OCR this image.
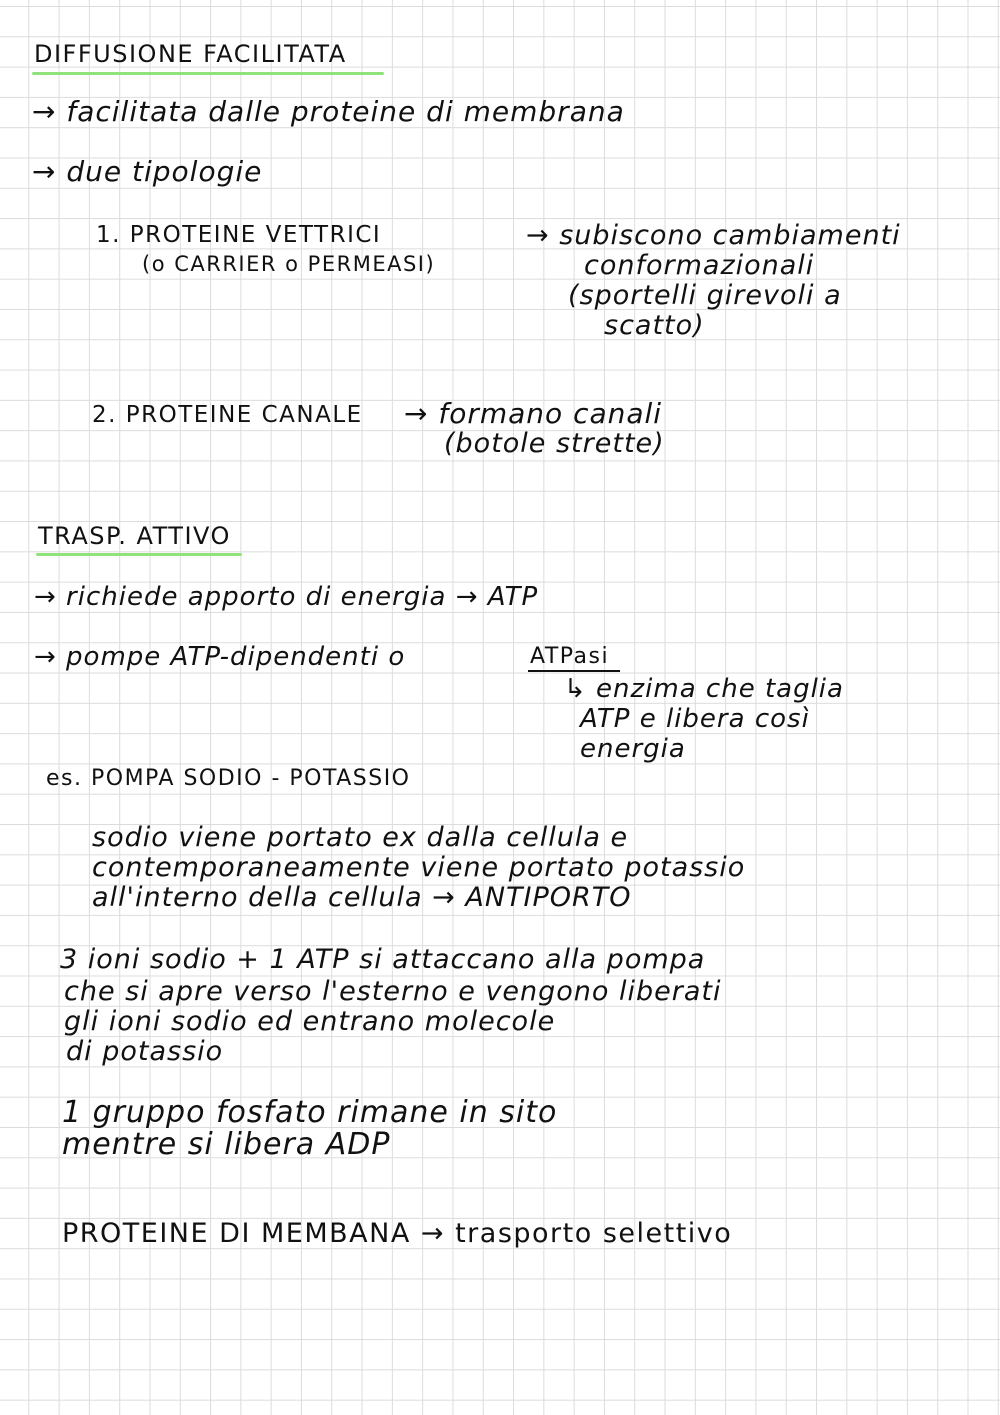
DIFFUSIONE FACILITATA
→ facilitata dalle proteine di membrana
→ due tipologie
1. PROTEINE VETTRICI
(o CARRIER o PERMEASI)
→ subiscono cambiamenti
conformazionali
(sportelli girevoli a
scatto)
2. PROTEINE CANALE → formano canali
(botole strette)
TRASP. ATTIVO
→ richiede apporto di energia → ATP
→ pompe ATP-dipendenti o	ATPasi
↳ enzima che taglia
ATP e libera così
energia
es. POMPA SODIO - POTASSIO
sodio viene portato ex dalla cellula e
contemporaneamente viene portato potassio
all'interno della cellula → ANTIPORTO
3 ioni sodio + 1 ATP si attaccano alla pompa
che si apre verso l'esterno e vengono liberati
gli ioni sodio ed entrano molecole
di potassio
1 gruppo fosfato rimane in sito
mentre si libera ADP
PROTEINE DI MEMBANA → trasporto selettivo
